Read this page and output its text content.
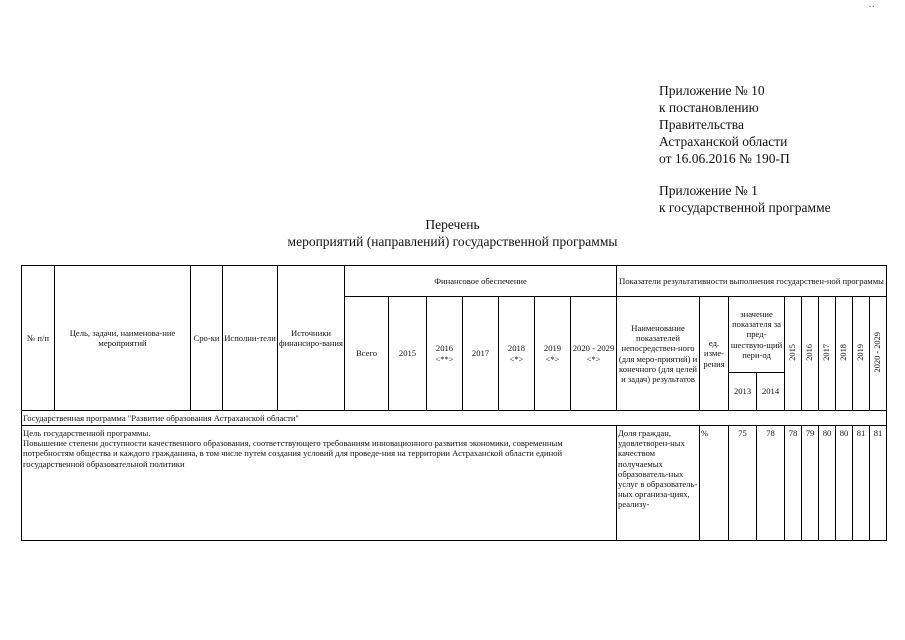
··
Приложение № 10
к постановлению
Правительства
Астраханской области
от 16.06.2016 № 190-П
Приложение № 1
к государственной программе
Перечень
мероприятий (направлений) государственной программы
№ п/п	Цель, задачи, наименова-ние мероприятий	Сро-ки	Исполни-тели	Источники финансиро-вания	Финансовое обеспечение							Показатели результативности выполнения государствен-ной программы									
					Всего	2015	2016 <**>	2017	2018 <*>	2019 <*>	2020 - 2029 <*>	Наименование показателей непосредствен-ного (для меро-приятий) и конечного (для целей и задач) результатов	ед. изме-рения	значение показателя за пред-шествую-щий пери-од		2015	2016	2017	2018	2019	2020 - 2029

														2013	2014						
Государственная программа "Развитие образования Астраханской области"																					

Цель государственной программы.
Повышение степени доступности качественного образования, соответствующего требованиям инновационного развития экономики, современным потребностям общества и каждого гражданина, в том числе путем создания условий для проведе-ния на территории Астраханской области единой государственной образовательной политики												Доля граждан, удовлетворен-ных качеством получаемых образователь-ных услуг в образователь-ных организа-циях, реализу-	%	75	78	78	79	80	80	81	81
